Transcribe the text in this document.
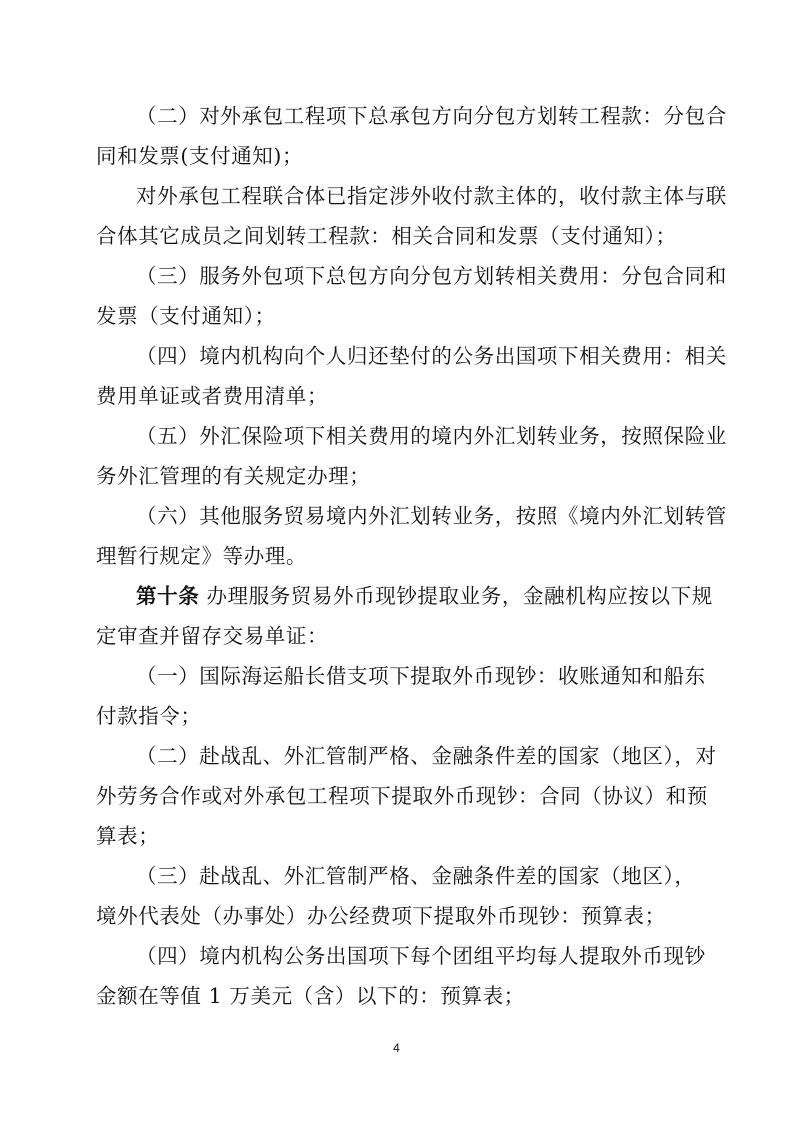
（二）对外承包工程项下总承包方向分包方划转工程款：分包合
同和发票(支付通知)；
对外承包工程联合体已指定涉外收付款主体的，收付款主体与联
合体其它成员之间划转工程款：相关合同和发票（支付通知）；
（三）服务外包项下总包方向分包方划转相关费用：分包合同和
发票（支付通知）；
（四）境内机构向个人归还垫付的公务出国项下相关费用：相关
费用单证或者费用清单；
（五）外汇保险项下相关费用的境内外汇划转业务，按照保险业
务外汇管理的有关规定办理；
（六）其他服务贸易境内外汇划转业务，按照《境内外汇划转管
理暂行规定》等办理。
第十条 办理服务贸易外币现钞提取业务，金融机构应按以下规
定审查并留存交易单证：
（一）国际海运船长借支项下提取外币现钞：收账通知和船东
付款指令；
（二）赴战乱、外汇管制严格、金融条件差的国家（地区），对
外劳务合作或对外承包工程项下提取外币现钞：合同（协议）和预
算表；
（三）赴战乱、外汇管制严格、金融条件差的国家（地区），
境外代表处（办事处）办公经费项下提取外币现钞：预算表；
（四）境内机构公务出国项下每个团组平均每人提取外币现钞
金额在等值 1 万美元（含）以下的：预算表；
4
